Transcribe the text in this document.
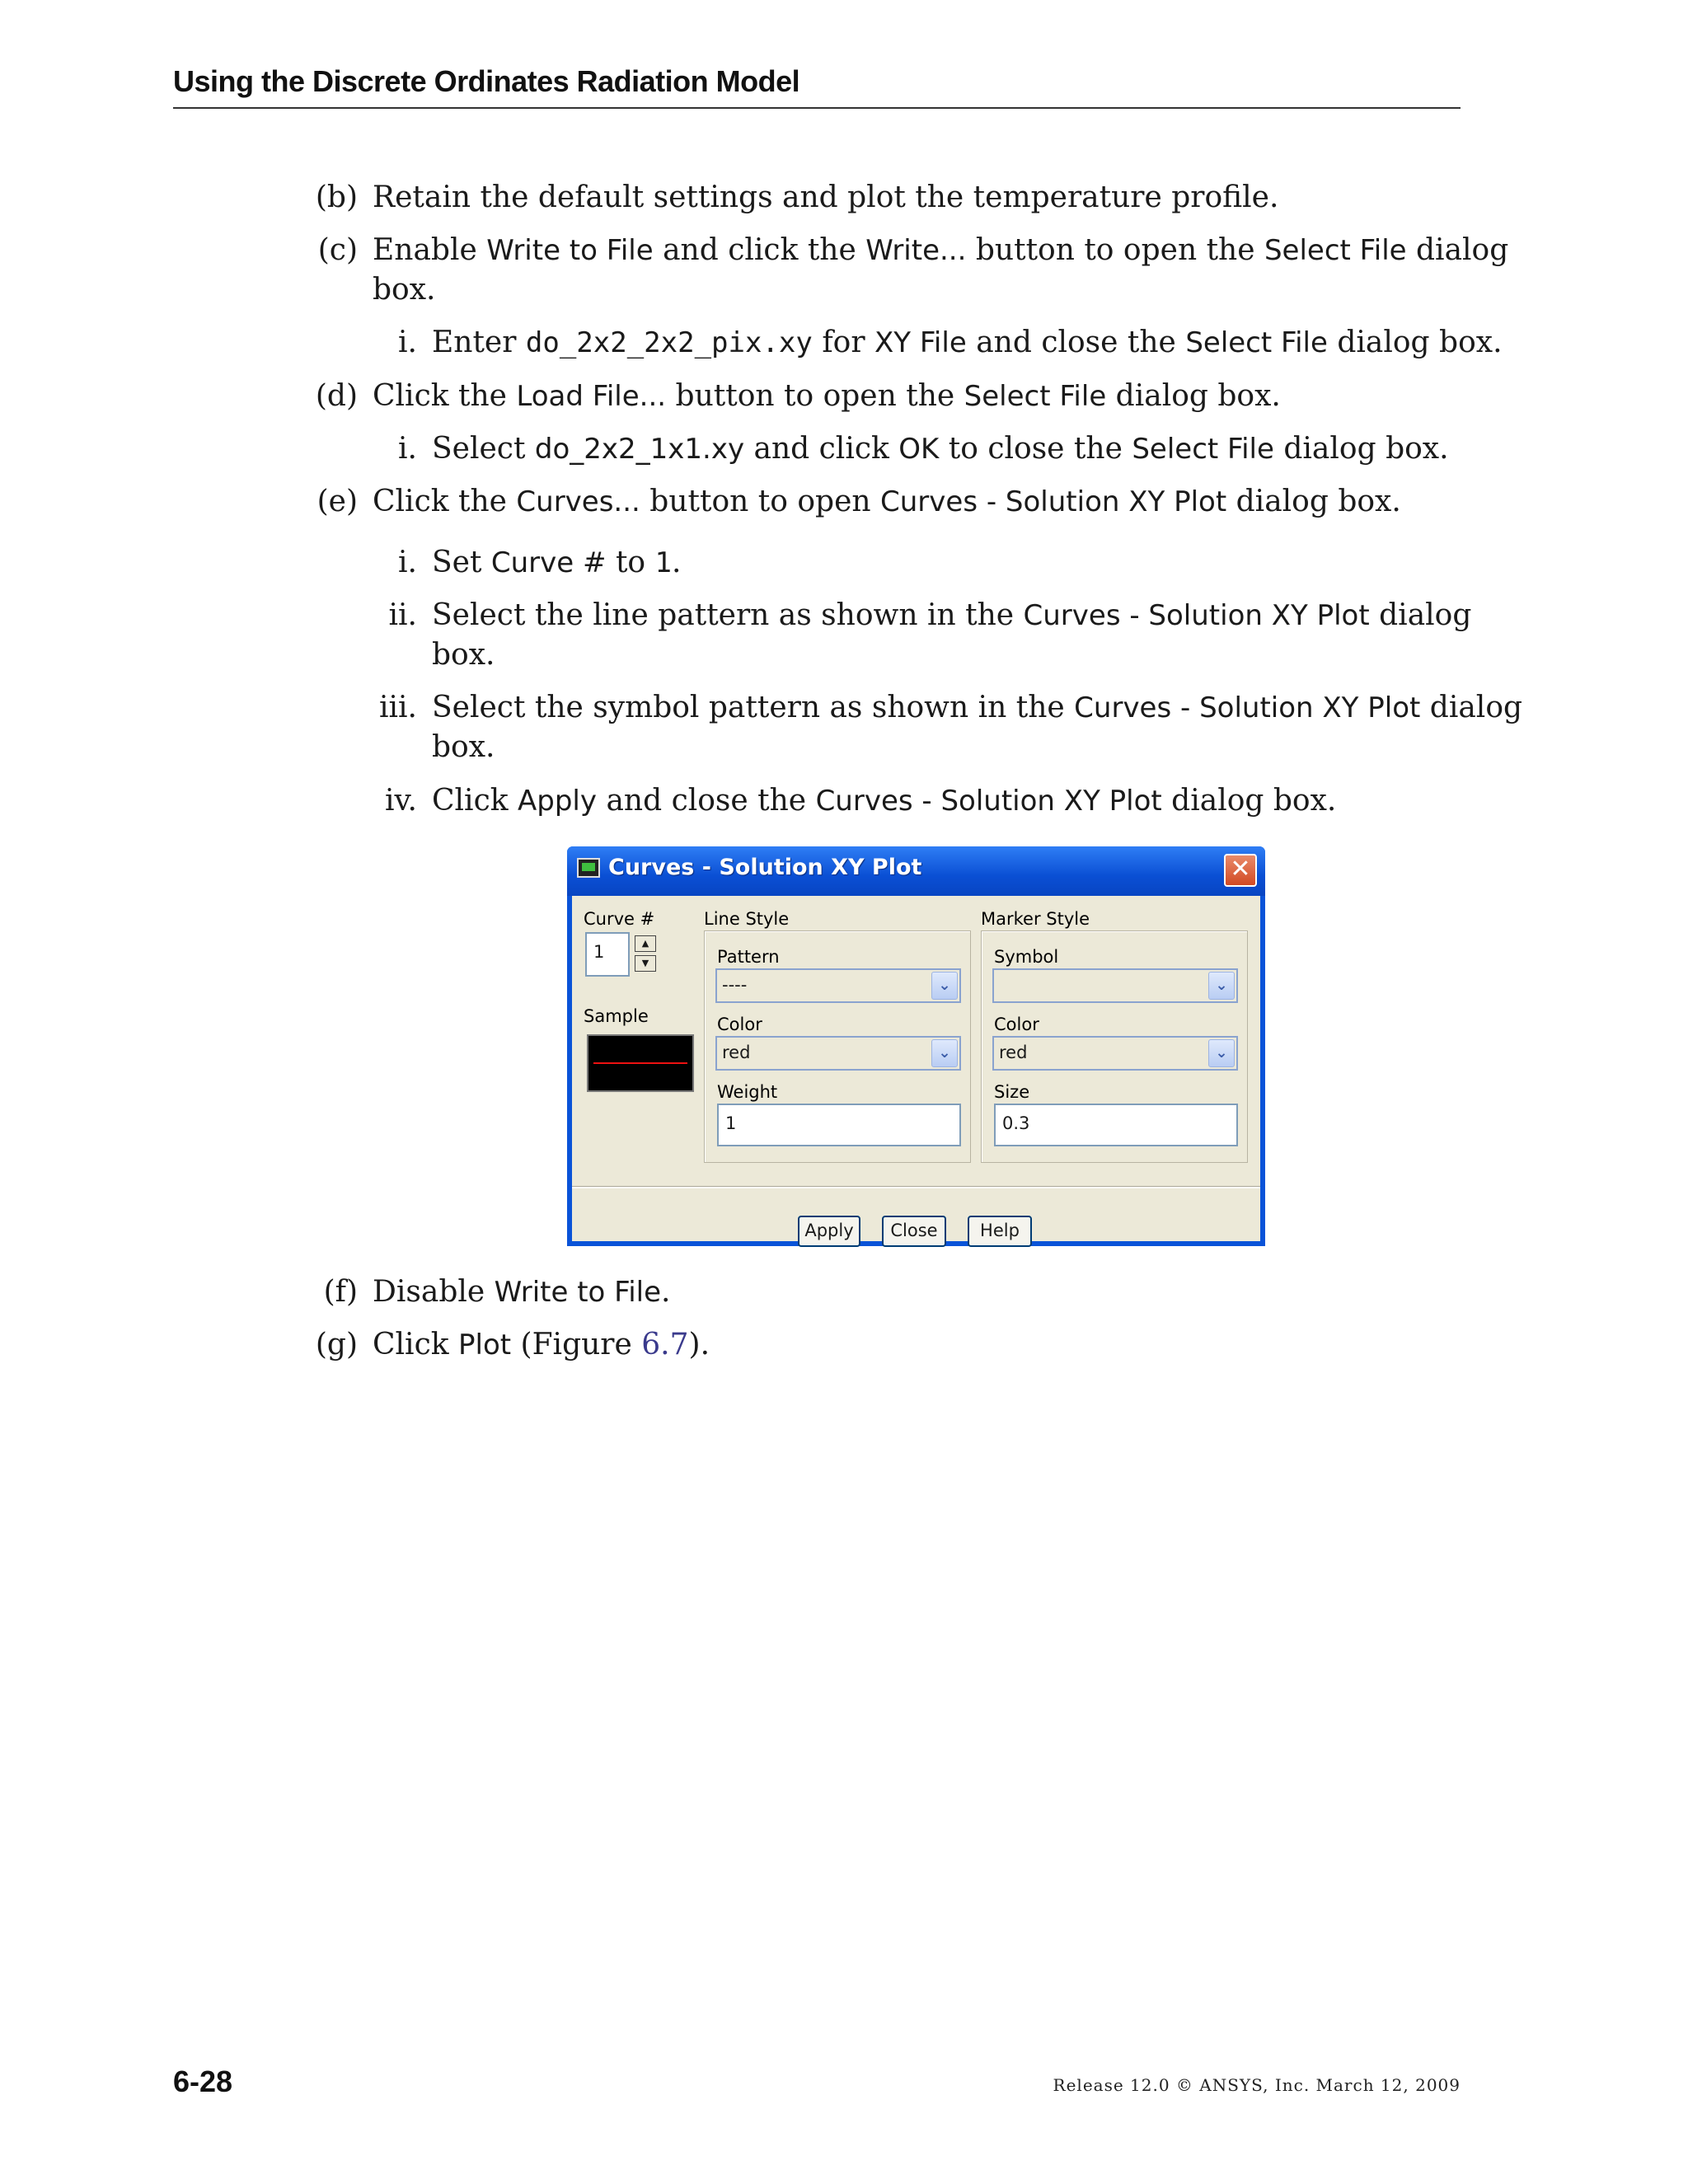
Using the Discrete Ordinates Radiation Model
(b) Retain the default settings and plot the temperature profile.
(c) Enable Write to File and click the Write... button to open the Select File dialog
box.
i. Enter do_2x2_2x2_pix.xy for XY File and close the Select File dialog box.
(d) Click the Load File... button to open the Select File dialog box.
i. Select do_2x2_1x1.xy and click OK to close the Select File dialog box.
(e) Click the Curves... button to open Curves - Solution XY Plot dialog box.
i. Set Curve # to 1.
ii. Select the line pattern as shown in the Curves - Solution XY Plot dialog
box.
iii. Select the symbol pattern as shown in the Curves - Solution XY Plot dialog
box.
iv. Click Apply and close the Curves - Solution XY Plot dialog box.
Curves - Solution XY Plot	✕
Curve #
1	▲
▼
Sample
Line Style
Pattern
----	⌄
Color
red	⌄
Weight
1
Marker Style
Symbol
⌄
Color
red	⌄
Size
0.3
Apply	Close	Help
(f) Disable Write to File.
(g) Click Plot (Figure 6.7).
6-28	Release 12.0 © ANSYS, Inc. March 12, 2009
